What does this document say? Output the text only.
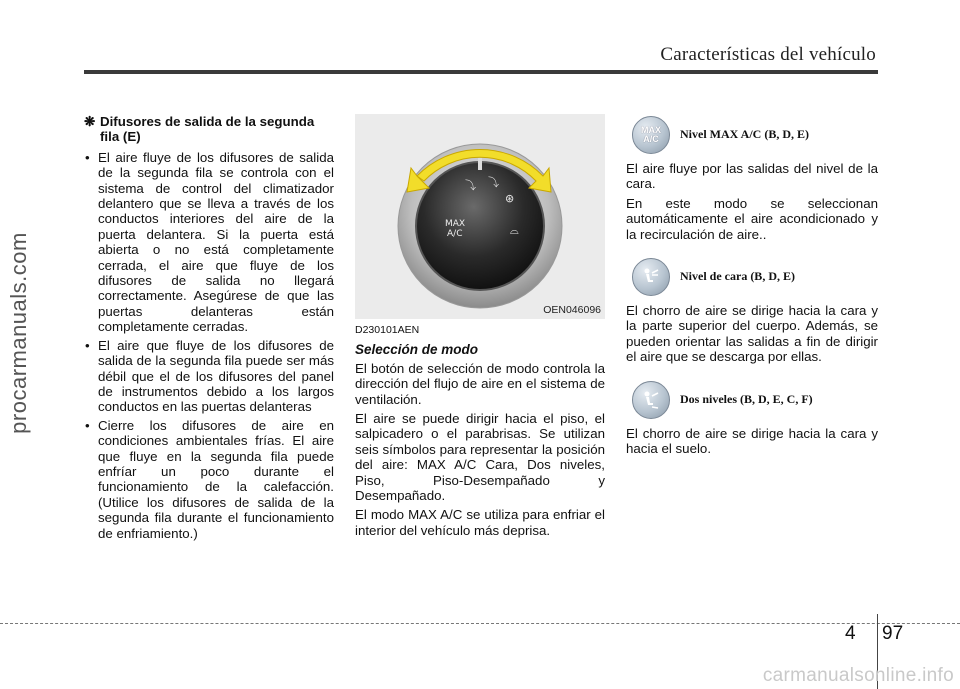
Características del vehículo
procarmanuals.com
❋ Difusores de salida de la segunda fila (E)
• El aire fluye de los difusores de salida de la segunda fila se controla con el sistema de control del climatizador delantero que se lleva a través de los conductos interiores del aire de la puerta delantera. Si la puerta está abierta o no está completamente cerrada, el aire que fluye de los difusores de salida no llegará correctamente. Asegúrese de que las puertas delanteras están completamente cerradas.
• El aire que fluye de los difusores de salida de la segunda fila puede ser más débil que el de los difusores del panel de instrumentos debido a los largos conductos en las puertas delanteras
• Cierre los difusores de aire en condiciones ambientales frías. El aire que fluye en la segunda fila puede enfríar un poco durante el funcionamiento de la calefacción. (Utilice los difusores de salida de la segunda fila durante el funcionamiento de enfriamiento.)
⤵ ⤵
⊛
⌓
MAX
A/C
OEN046096
D230101AEN
Selección de modo

El botón de selección de modo controla la dirección del flujo de aire en el sistema de ventilación.

El aire se puede dirigir hacia el piso, el salpicadero o el parabrisas. Se utilizan seis símbolos para representar la posición del aire: MAX A/C Cara, Dos niveles, Piso, Piso-Desempañado y Desempañado.

El modo MAX A/C se utiliza para enfriar el interior del vehículo más deprisa.

MAX
A/C Nivel MAX A/C (B, D, E)

El aire fluye por las salidas del nivel de la cara.

En este modo se seleccionan automáticamente el aire acondicionado y la recirculación de aire..

Nivel de cara (B, D, E)

El chorro de aire se dirige hacia la cara y la parte superior del cuerpo. Además, se pueden orientar las salidas a fin de dirigir el aire que se descarga por ellas.

Dos niveles (B, D, E, C, F)

El chorro de aire se dirige hacia la cara y hacia el suelo.

4 97
carmanualsonline.info
